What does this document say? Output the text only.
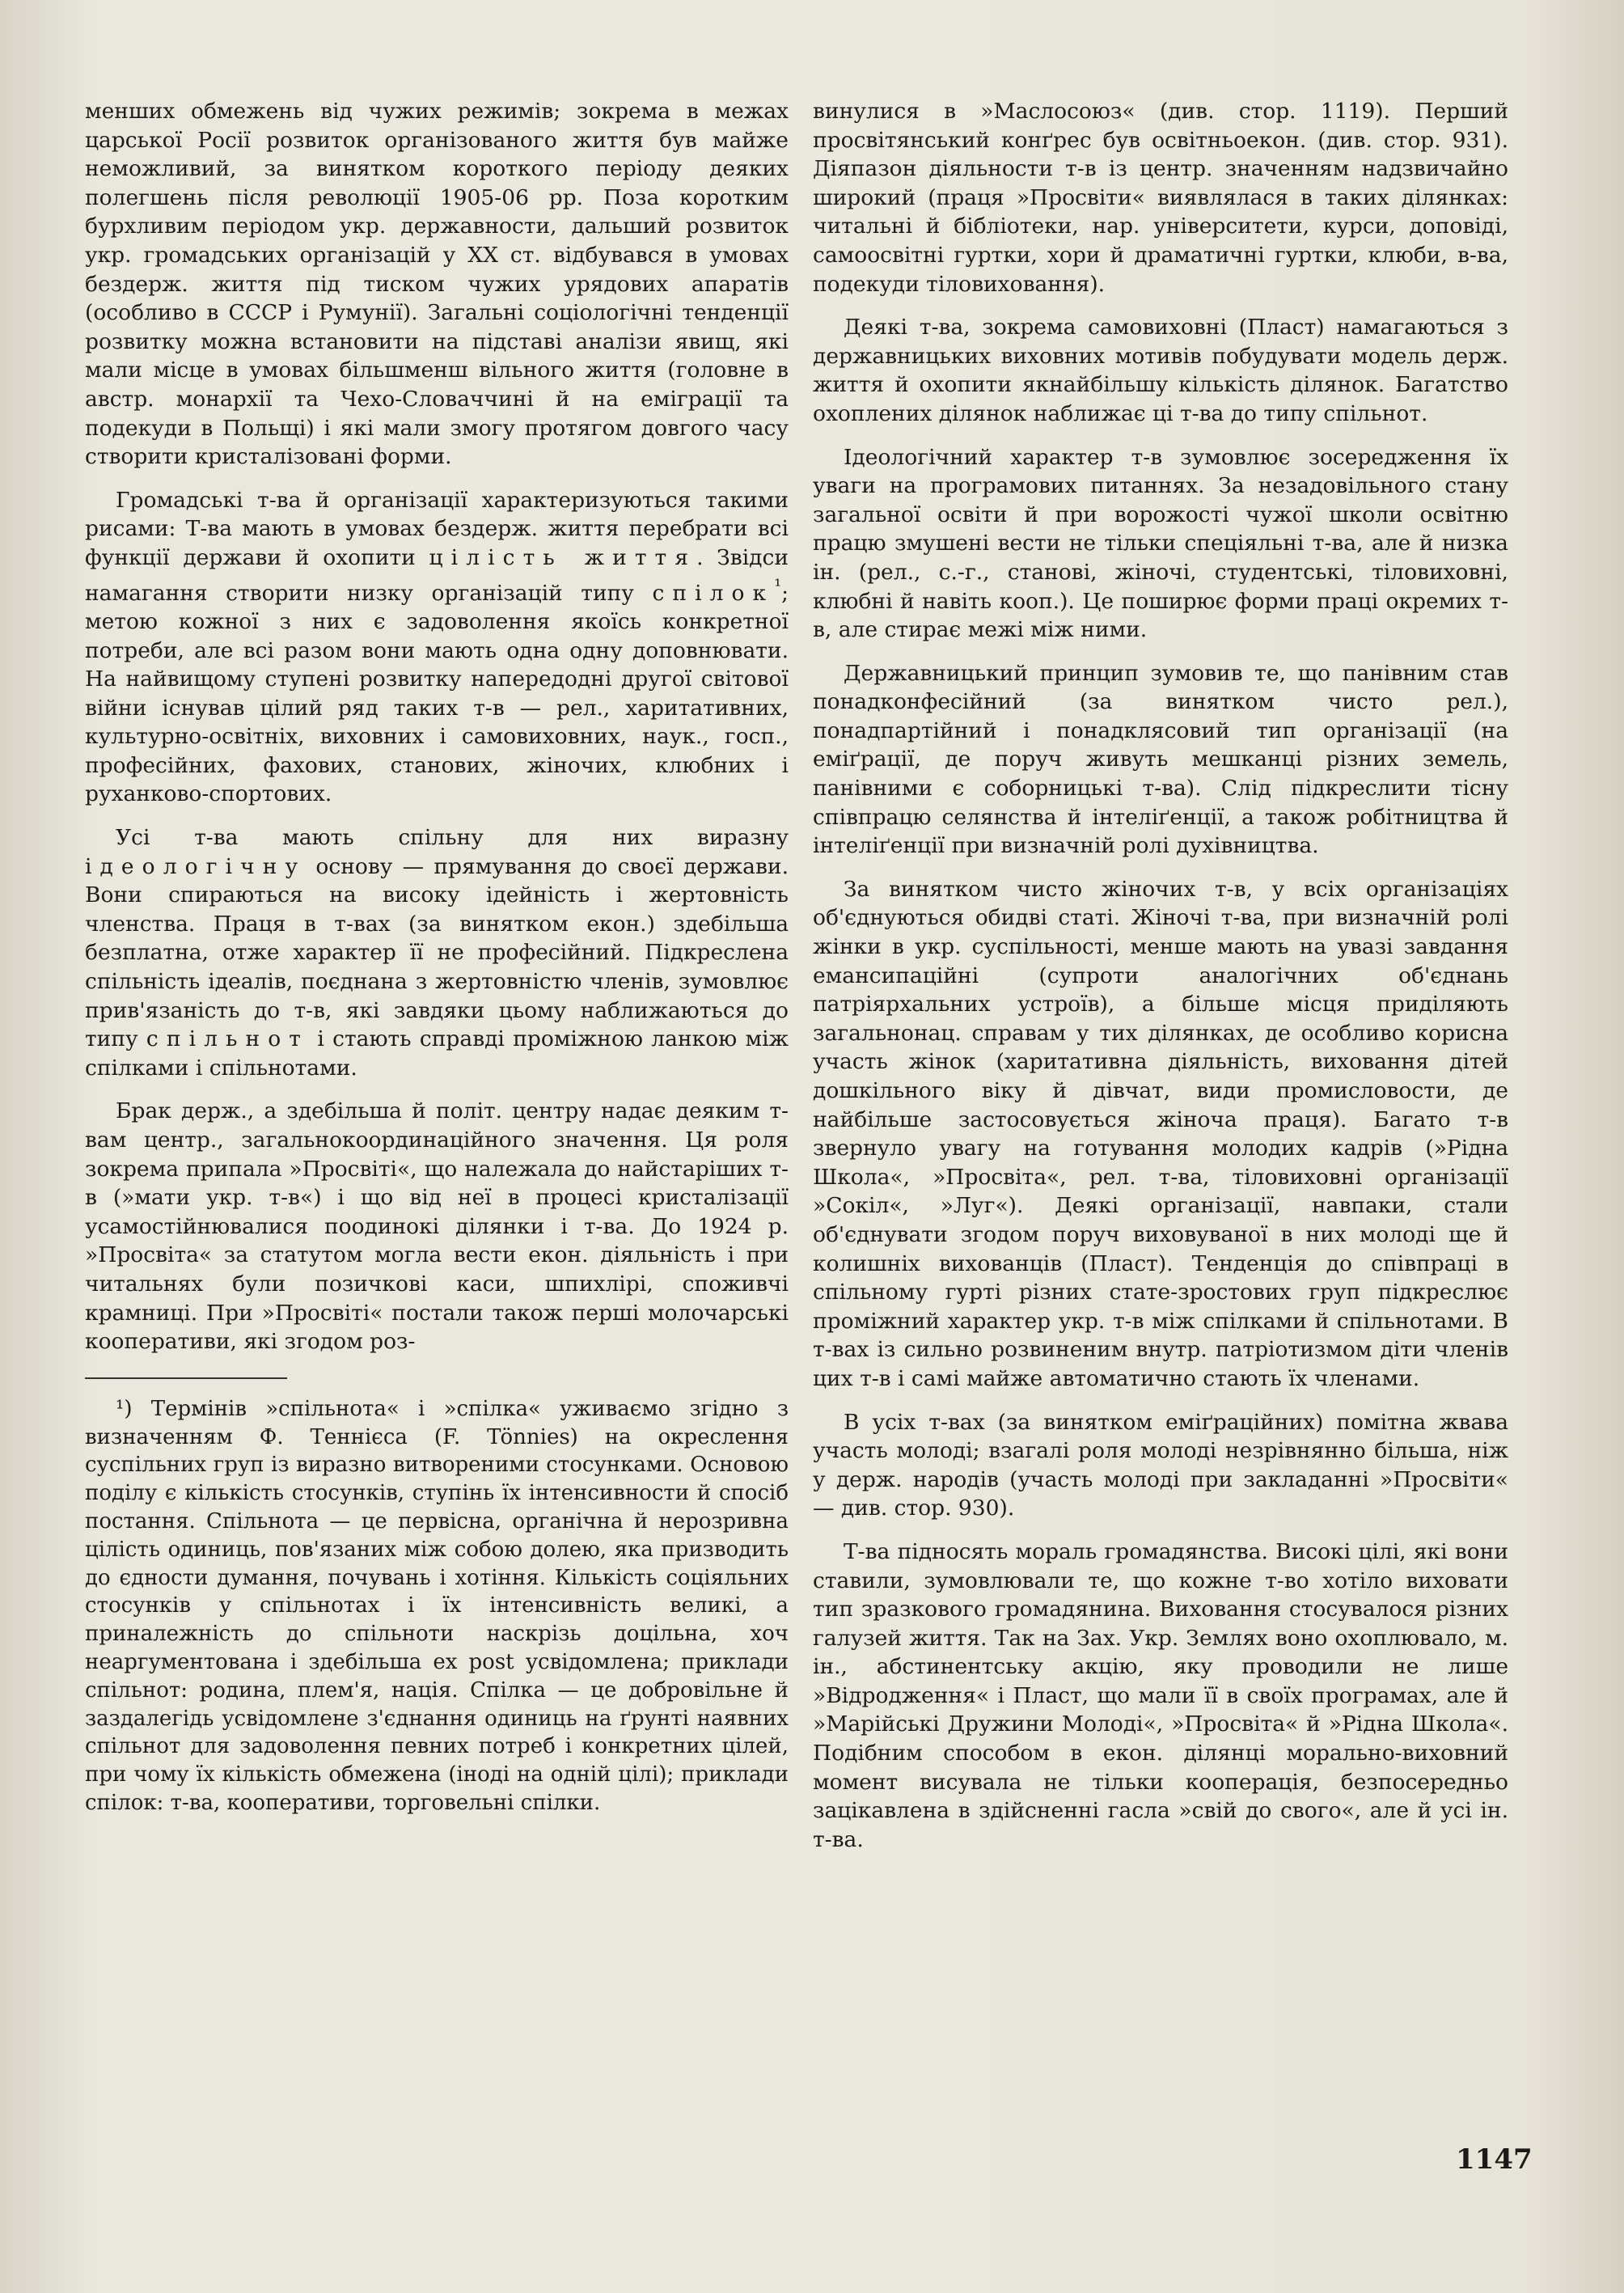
менших обмежень від чужих режимів; зокрема в межах царської Росії розвиток організованого життя був майже неможливий, за винятком короткого періоду деяких полегшень після революції 1905-06 рр. Поза коротким бурхливим періодом укр. державности, дальший розвиток укр. громадських організацій у XX ст. відбувався в умовах бездерж. життя під тиском чужих урядових апаратів (особливо в СССР і Румунії). Загальні соціологічні тенденції розвитку можна встановити на підставі аналізи явищ, які мали місце в умовах більшменш вільного життя (головне в австр. монархії та Чехо-Словаччині й на еміграції та подекуди в Польщі) і які мали змогу протягом довгого часу створити кристалізовані форми.

Громадські т-ва й організації характеризуються такими рисами: Т-ва мають в умовах бездерж. життя перебрати всі функції держави й охопити цілість життя. Звідси намагання створити низку організацій типу спілок$^{^1}$; метою кожної з них є задоволення якоїсь конкретної потреби, але всі разом вони мають одна одну доповнювати. На найвищому ступені розвитку напередодні другої світової війни існував цілий ряд таких т-в — рел., харитативних, культурно-освітніх, виховних і самовиховних, наук., госп., професійних, фахових, станових, жіночих, клюбних і руханково-спортових.

Усі т-ва мають спільну для них виразну ідеологічну основу — прямування до своєї держави. Вони спираються на високу ідейність і жертовність членства. Праця в т-вах (за винятком екон.) здебільша безплатна, отже характер її не професійний. Підкреслена спільність ідеалів, поєднана з жертовністю членів, зумовлює прив'язаність до т-в, які завдяки цьому наближаються до типу спільнот і стають справді проміжною ланкою між спілками і спільнотами.

Брак держ., а здебільша й політ. центру надає деяким т-вам центр., загальнокоординаційного значення. Ця роля зокрема припала »Просвіті«, що належала до найстаріших т-в (»мати укр. т-в«) і що від неї в процесі кристалізації усамостійнювалися поодинокі ділянки і т-ва. До 1924 р. »Просвіта« за статутом могла вести екон. діяльність і при читальнях були позичкові каси, шпихлірі, споживчі крамниці. При »Просвіті« постали також перші молочарські кооперативи, які згодом роз-

¹) Термінів »спільнота« і »спілка« уживаємо згідно з визначенням Ф. Теннієса (F. Tönnies) на окреслення суспільних груп із виразно витвореними стосунками. Основою поділу є кількість стосунків, ступінь їх інтенсивности й спосіб постання. Спільнота — це первісна, органічна й нерозривна цілість одиниць, пов'язаних між собою долею, яка призводить до єдности думання, почувань і хотіння. Кількість соціяльних стосунків у спільнотах і їх інтенсивність великі, а приналежність до спільноти наскрізь доцільна, хоч неаргументована і здебільша ex post усвідомлена; приклади спільнот: родина, плем'я, нація. Спілка — це добровільне й заздалегідь усвідомлене з'єднання одиниць на ґрунті наявних спільнот для задоволення певних потреб і конкретних цілей, при чому їх кількість обмежена (іноді на одній цілі); приклади спілок: т-ва, кооперативи, торговельні спілки.

винулися в »Маслосоюз« (див. стор. 1119). Перший просвітянський конґрес був освітньоекон. (див. стор. 931). Діяпазон діяльности т-в із центр. значенням надзвичайно широкий (праця »Просвіти« виявлялася в таких ділянках: читальні й бібліотеки, нар. університети, курси, доповіді, самоосвітні гуртки, хори й драматичні гуртки, клюби, в-ва, подекуди тіловиховання).

Деякі т-ва, зокрема самовиховні (Пласт) намагаються з державницьких виховних мотивів побудувати модель держ. життя й охопити якнайбільшу кількість ділянок. Багатство охоплених ділянок наближає ці т-ва до типу спільнот.

Ідеологічний характер т-в зумовлює зосередження їх уваги на програмових питаннях. За незадовільного стану загальної освіти й при ворожості чужої школи освітню працю змушені вести не тільки спеціяльні т-ва, але й низка ін. (рел., с.-г., станові, жіночі, студентські, тіловиховні, клюбні й навіть кооп.). Це поширює форми праці окремих т-в, але стирає межі між ними.

Державницький принцип зумовив те, що панівним став понадконфесійний (за винятком чисто рел.), понадпартійний і понадклясовий тип організації (на еміґрації, де поруч живуть мешканці різних земель, панівними є соборницькі т-ва). Слід підкреслити тісну співпрацю селянства й інтеліґенції, а також робітництва й інтеліґенції при визначній ролі духівництва.

За винятком чисто жіночих т-в, у всіх організаціях об'єднуються обидві статі. Жіночі т-ва, при визначній ролі жінки в укр. суспільності, менше мають на увазі завдання емансипаційні (супроти аналогічних об'єднань патріярхальних устроїв), а більше місця приділяють загальнонац. справам у тих ділянках, де особливо корисна участь жінок (харитативна діяльність, виховання дітей дошкільного віку й дівчат, види промисловости, де найбільше застосовується жіноча праця). Багато т-в звернуло увагу на готування молодих кадрів (»Рідна Школа«, »Просвіта«, рел. т-ва, тіловиховні організації »Сокіл«, »Луг«). Деякі організації, навпаки, стали об'єднувати згодом поруч виховуваної в них молоді ще й колишніх вихованців (Пласт). Тенденція до співпраці в спільному гурті різних стате-зростових груп підкреслює проміжний характер укр. т-в між спілками й спільнотами. В т-вах із сильно розвиненим внутр. патріотизмом діти членів цих т-в і самі майже автоматично стають їх членами.

В усіх т-вах (за винятком еміґраційних) помітна жвава участь молоді; взагалі роля молоді незрівнянно більша, ніж у держ. народів (участь молоді при закладанні »Просвіти« — див. стор. 930).

Т-ва підносять мораль громадянства. Високі цілі, які вони ставили, зумовлювали те, що кожне т-во хотіло виховати тип зразкового громадянина. Виховання стосувалося різних галузей життя. Так на Зах. Укр. Землях воно охоплювало, м. ін., абстинентську акцію, яку проводили не лише »Відродження« і Пласт, що мали її в своїх програмах, але й »Марійські Дружини Молоді«, »Просвіта« й »Рідна Школа«. Подібним способом в екон. ділянці морально-виховний момент висувала не тільки кооперація, безпосередньо зацікавлена в здійсненні гасла »свій до свого«, але й усі ін. т-ва.

1147
